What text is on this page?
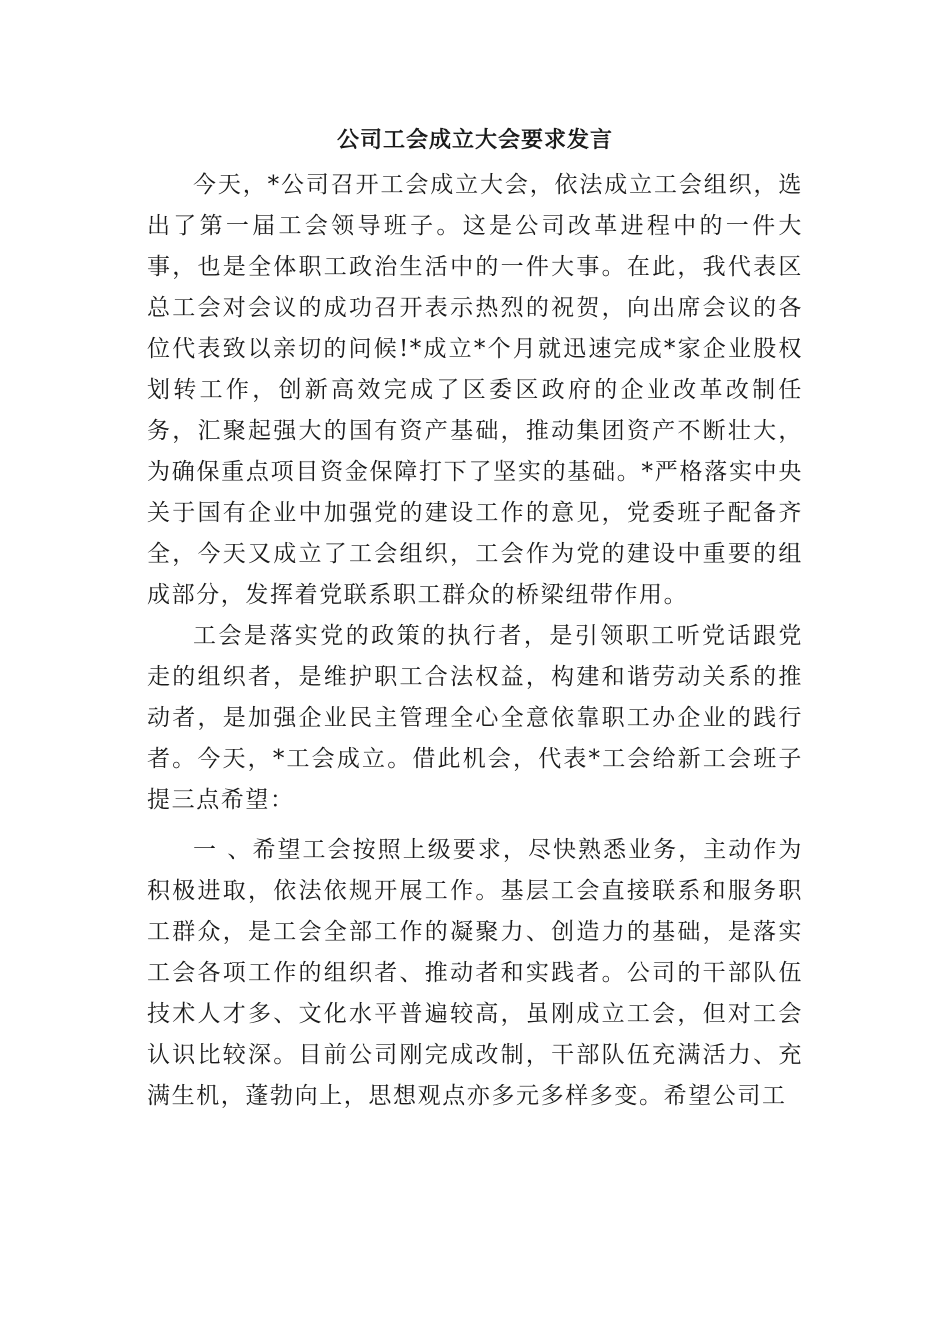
公司工会成立大会要求发言

今天，*公司召开工会成立大会，依法成立工会组织，选出了第一届工会领导班子。这是公司改革进程中的一件大事，也是全体职工政治生活中的一件大事。在此，我代表区总工会对会议的成功召开表示热烈的祝贺，向出席会议的各位代表致以亲切的问候!*成立*个月就迅速完成*家企业股权划转工作，创新高效完成了区委区政府的企业改革改制任务，汇聚起强大的国有资产基础，推动集团资产不断壮大，为确保重点项目资金保障打下了坚实的基础。*严格落实中央关于国有企业中加强党的建设工作的意见，党委班子配备齐全，今天又成立了工会组织，工会作为党的建设中重要的组成部分，发挥着党联系职工群众的桥梁纽带作用。

工会是落实党的政策的执行者，是引领职工听党话跟党走的组织者，是维护职工合法权益，构建和谐劳动关系的推动者，是加强企业民主管理全心全意依靠职工办企业的践行者。今天，*工会成立。借此机会，代表*工会给新工会班子提三点希望：

一 、希望工会按照上级要求，尽快熟悉业务，主动作为积极进取，依法依规开展工作。基层工会直接联系和服务职工群众，是工会全部工作的凝聚力、创造力的基础，是落实工会各项工作的组织者、推动者和实践者。公司的干部队伍技术人才多、文化水平普遍较高，虽刚成立工会，但对工会认识比较深。目前公司刚完成改制，干部队伍充满活力、充满生机，蓬勃向上，思想观点亦多元多样多变。希望公司工
